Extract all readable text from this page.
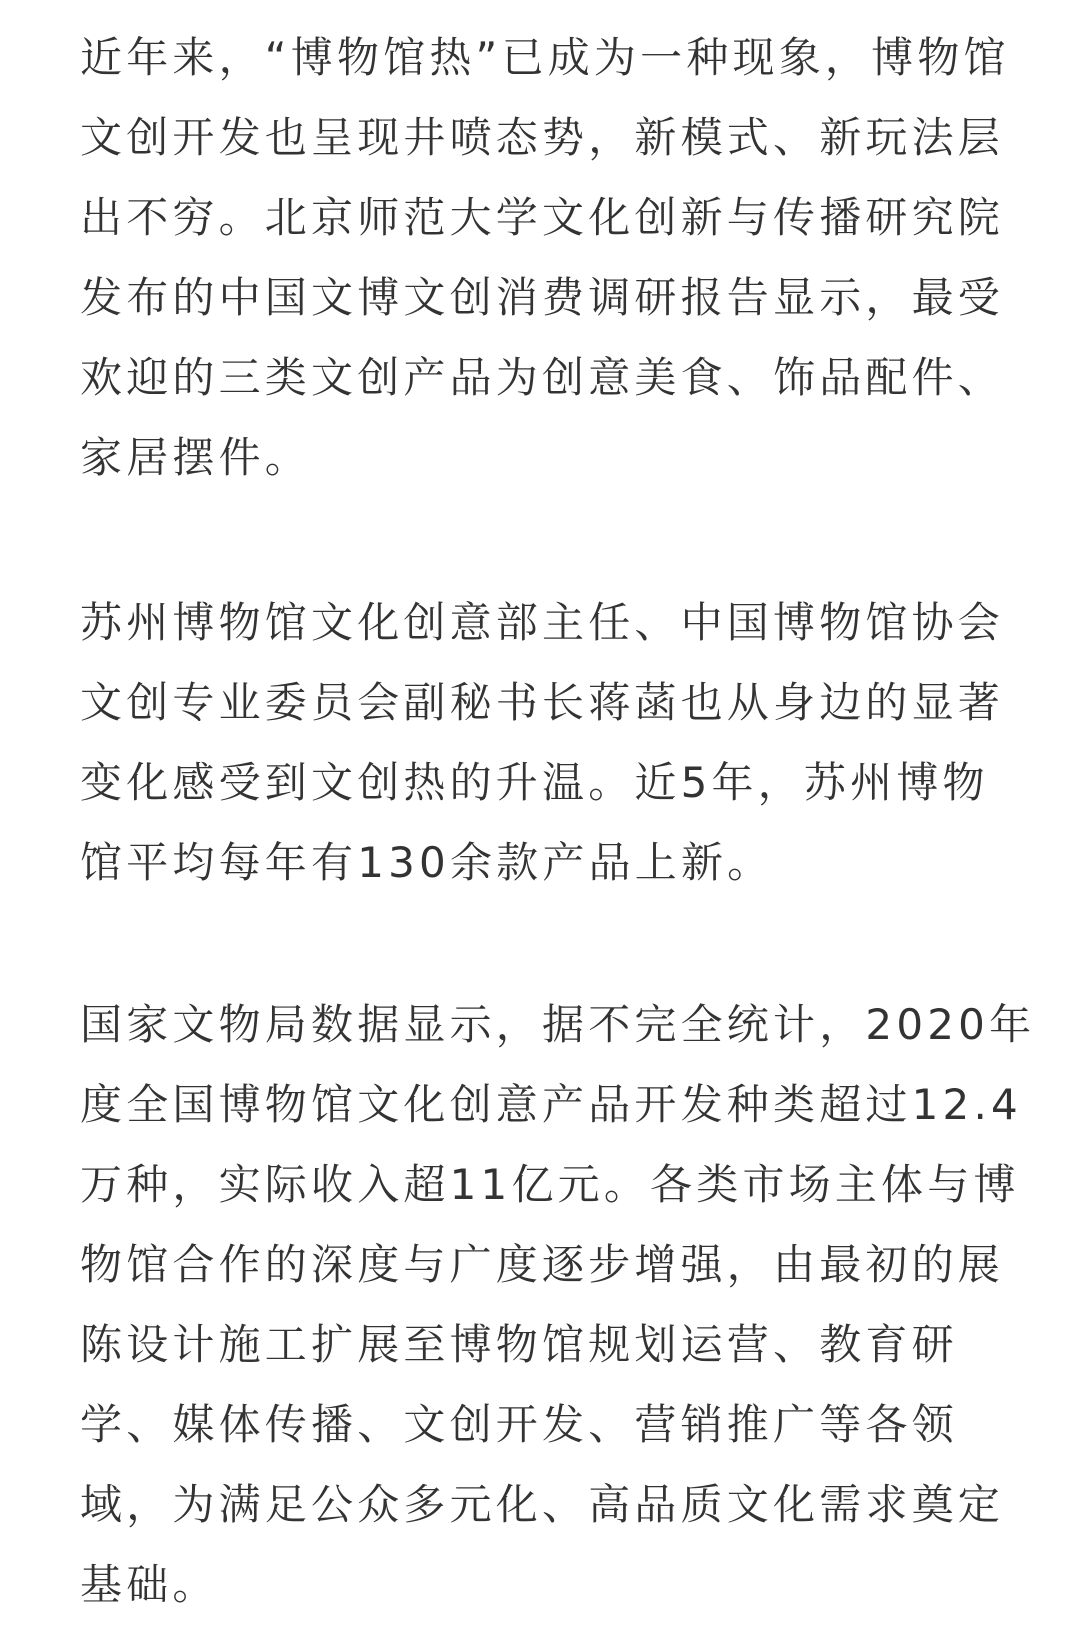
近年来，“博物馆热”已成为一种现象，博物馆
文创开发也呈现井喷态势，新模式、新玩法层
出不穷。北京师范大学文化创新与传播研究院
发布的中国文博文创消费调研报告显示，最受
欢迎的三类文创产品为创意美食、饰品配件、
家居摆件。
苏州博物馆文化创意部主任、中国博物馆协会
文创专业委员会副秘书长蒋菡也从身边的显著
变化感受到文创热的升温。近5年，苏州博物
馆平均每年有130余款产品上新。
国家文物局数据显示，据不完全统计，2020年
度全国博物馆文化创意产品开发种类超过12.4
万种，实际收入超11亿元。各类市场主体与博
物馆合作的深度与广度逐步增强，由最初的展
陈设计施工扩展至博物馆规划运营、教育研
学、媒体传播、文创开发、营销推广等各领
域，为满足公众多元化、高品质文化需求奠定
基础。
